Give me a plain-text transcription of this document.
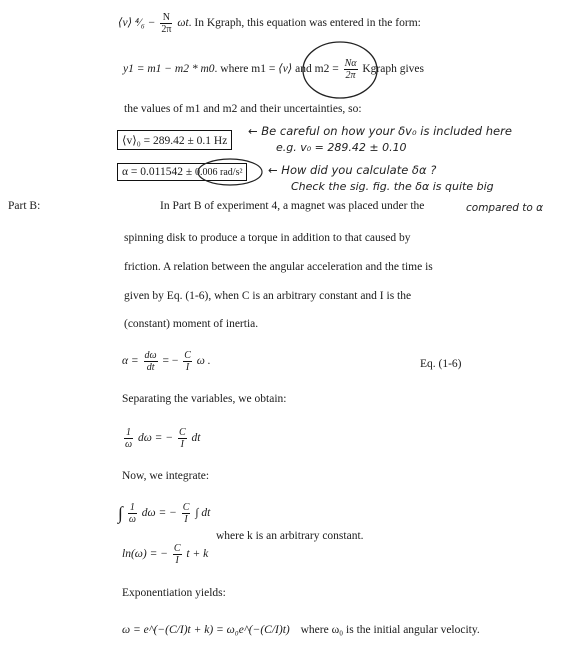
⟨v⟩ ⁴⁄₆ − $\frac{N}{2\pi} \omega t$. In Kgraph, this equation was entered in the form:
y1 = m1 − m2 * m0. where m1 = ⟨v⟩ and $m2 = \frac{N\alpha}{2\pi}$ Kgraph gives
the values of m1 and m2 and their uncertainties, so:
⟨v⟩₀ = 289.42 ± 0.1 Hz
← Be careful on how your δv₀ is included here
e.g. v₀ = 289.42 ± 0.10
α = 0.011542 ± 0.006 rad/s²	← How did you calculate δα ?
Check the sig. fig. the δα is quite big
compared to α
Part B:	In Part B of experiment 4, a magnet was placed under the
spinning disk to produce a torque in addition to that caused by
friction. A relation between the angular acceleration and the time is
given by Eq. (1-6), when C is an arbitrary constant and I is the
(constant) moment of inertia.
$\alpha = \frac{d\omega}{dt}$ = − $\frac{C}{I}$ ω .	Eq. (1-6)
Separating the variables, we obtain:
$\frac{1}{\omega}$ dω = − $\frac{C}{I}$ dt
Now, we integrate:
∫ $\frac{1}{\omega}$ dω = − $\frac{C}{I}$ ∫ dt
where k is an arbitrary constant.
ln(ω) = − $\frac{C}{I}$ t + k
Exponentiation yields:
ω = e^(−(C/I)t + k) = ω₀e^(−(C/I)t) where ω₀ is the initial angular velocity.
